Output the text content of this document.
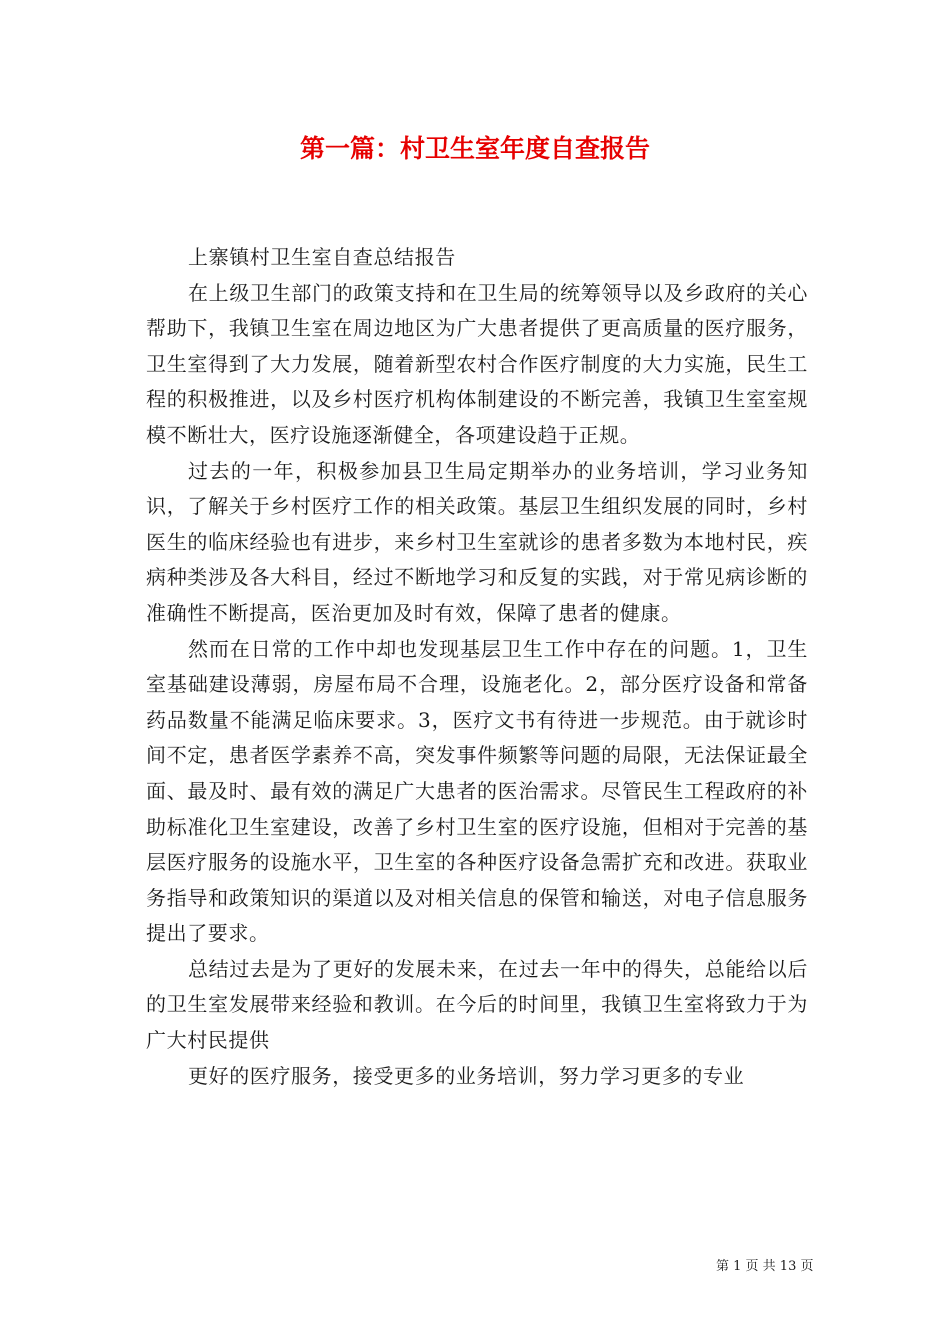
第一篇：村卫生室年度自查报告

上寨镇村卫生室自查总结报告

在上级卫生部门的政策支持和在卫生局的统筹领导以及乡政府的关心帮助下，我镇卫生室在周边地区为广大患者提供了更高质量的医疗服务，卫生室得到了大力发展，随着新型农村合作医疗制度的大力实施，民生工程的积极推进，以及乡村医疗机构体制建设的不断完善，我镇卫生室室规模不断壮大，医疗设施逐渐健全，各项建设趋于正规。

过去的一年，积极参加县卫生局定期举办的业务培训，学习业务知识，了解关于乡村医疗工作的相关政策。基层卫生组织发展的同时，乡村医生的临床经验也有进步，来乡村卫生室就诊的患者多数为本地村民，疾病种类涉及各大科目，经过不断地学习和反复的实践，对于常见病诊断的准确性不断提高，医治更加及时有效，保障了患者的健康。

然而在日常的工作中却也发现基层卫生工作中存在的问题。1，卫生室基础建设薄弱，房屋布局不合理，设施老化。2，部分医疗设备和常备药品数量不能满足临床要求。3，医疗文书有待进一步规范。由于就诊时间不定，患者医学素养不高，突发事件频繁等问题的局限，无法保证最全面、最及时、最有效的满足广大患者的医治需求。尽管民生工程政府的补助标准化卫生室建设，改善了乡村卫生室的医疗设施，但相对于完善的基层医疗服务的设施水平，卫生室的各种医疗设备急需扩充和改进。获取业务指导和政策知识的渠道以及对相关信息的保管和输送，对电子信息服务提出了要求。

总结过去是为了更好的发展未来，在过去一年中的得失，总能给以后的卫生室发展带来经验和教训。在今后的时间里，我镇卫生室将致力于为广大村民提供

更好的医疗服务，接受更多的业务培训，努力学习更多的专业

第 1 页 共 13 页
